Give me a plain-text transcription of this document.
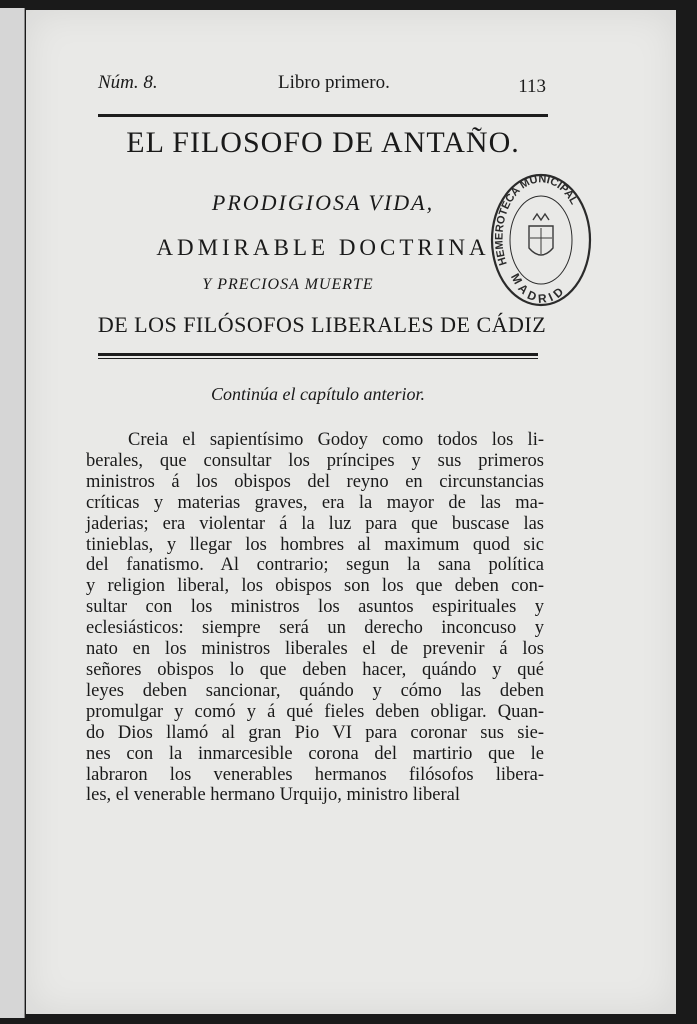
Núm. 8.	Libro primero.	113
EL FILOSOFO DE ANTAÑO.
PRODIGIOSA VIDA,
ADMIRABLE DOCTRINA
Y PRECIOSA MUERTE
DE LOS FILÓSOFOS LIBERALES DE CÁDIZ
Continúa el capítulo anterior.
Creia el sapientísimo Godoy como todos los li-
berales, que consultar los príncipes y sus primeros
ministros á los obispos del reyno en circunstancias
críticas y materias graves, era la mayor de las ma-
jaderias; era violentar á la luz para que buscase las
tinieblas, y llegar los hombres al maximum quod sic
del fanatismo. Al contrario; segun la sana política
y religion liberal, los obispos son los que deben con-
sultar con los ministros los asuntos espirituales y
eclesiásticos: siempre será un derecho inconcuso y
nato en los ministros liberales el de prevenir á los
señores obispos lo que deben hacer, quándo y qué
leyes deben sancionar, quándo y cómo las deben
promulgar y comó y á qué fieles deben obligar. Quan-
do Dios llamó al gran Pio VI para coronar sus sie-
nes con la inmarcesible corona del martirio que le
labraron los venerables hermanos filósofos libera-
les, el venerable hermano Urquijo, ministro liberal
HEMEROTECA MUNICIPAL
MADRID
